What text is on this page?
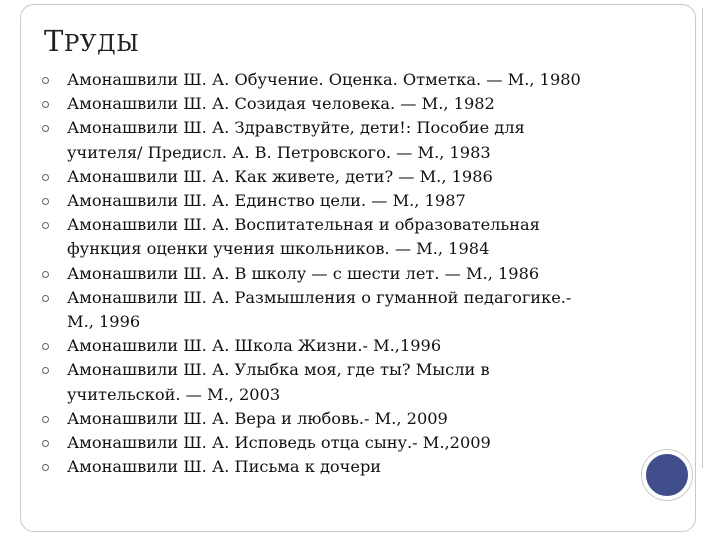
ТРУДЫ
Амонашвили Ш. А. Обучение. Оценка. Отметка. — М., 1980
Амонашвили Ш. А. Созидая человека. — М., 1982
Амонашвили Ш. А. Здравствуйте, дети!: Пособие для
учителя/ Предисл. А. В. Петровского. — М., 1983
Амонашвили Ш. А. Как живете, дети? — М., 1986
Амонашвили Ш. А. Единство цели. — М., 1987
Амонашвили Ш. А. Воспитательная и образовательная
функция оценки учения школьников. — М., 1984
Амонашвили Ш. А. В школу — с шести лет. — М., 1986
Амонашвили Ш. А. Размышления о гуманной педагогике.-
М., 1996
Амонашвили Ш. А. Школа Жизни.- М.,1996
Амонашвили Ш. А. Улыбка моя, где ты? Мысли в
учительской. — М., 2003
Амонашвили Ш. А. Вера и любовь.- М., 2009
Амонашвили Ш. А. Исповедь отца сыну.- М.,2009
Амонашвили Ш. А. Письма к дочери
